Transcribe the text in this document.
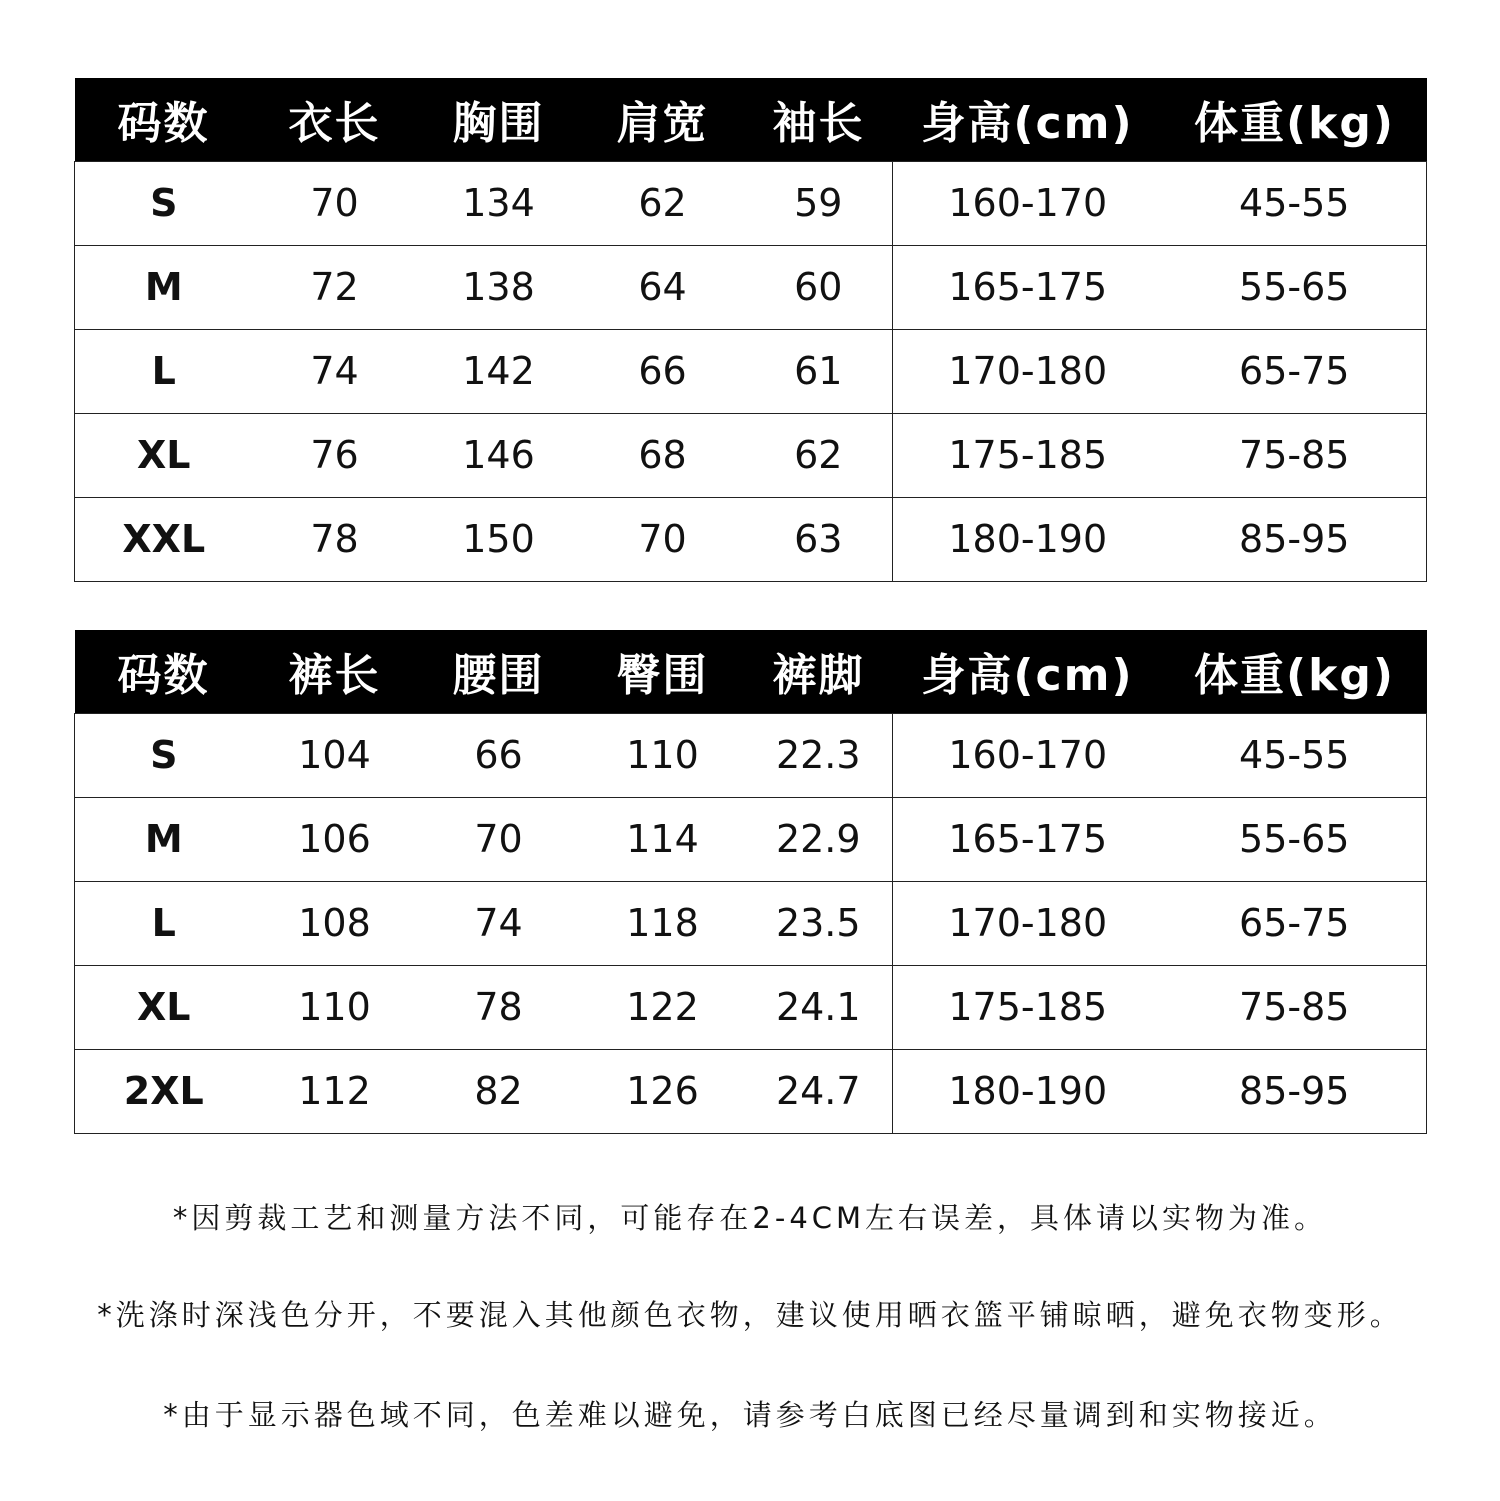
码数	衣长	胸围	肩宽	袖长	身高(cm)	体重(kg)
S	70	134	62	59	160-170	45-55
M	72	138	64	60	165-175	55-65
L	74	142	66	61	170-180	65-75
XL	76	146	68	62	175-185	75-85
XXL	78	150	70	63	180-190	85-95
码数	裤长	腰围	臀围	裤脚	身高(cm)	体重(kg)
S	104	66	110	22.3	160-170	45-55
M	106	70	114	22.9	165-175	55-65
L	108	74	118	23.5	170-180	65-75
XL	110	78	122	24.1	175-185	75-85
2XL	112	82	126	24.7	180-190	85-95
*因剪裁工艺和测量方法不同，可能存在2-4CM左右误差，具体请以实物为准。
*洗涤时深浅色分开，不要混入其他颜色衣物，建议使用晒衣篮平铺晾晒，避免衣物变形。
*由于显示器色域不同，色差难以避免，请参考白底图已经尽量调到和实物接近。
